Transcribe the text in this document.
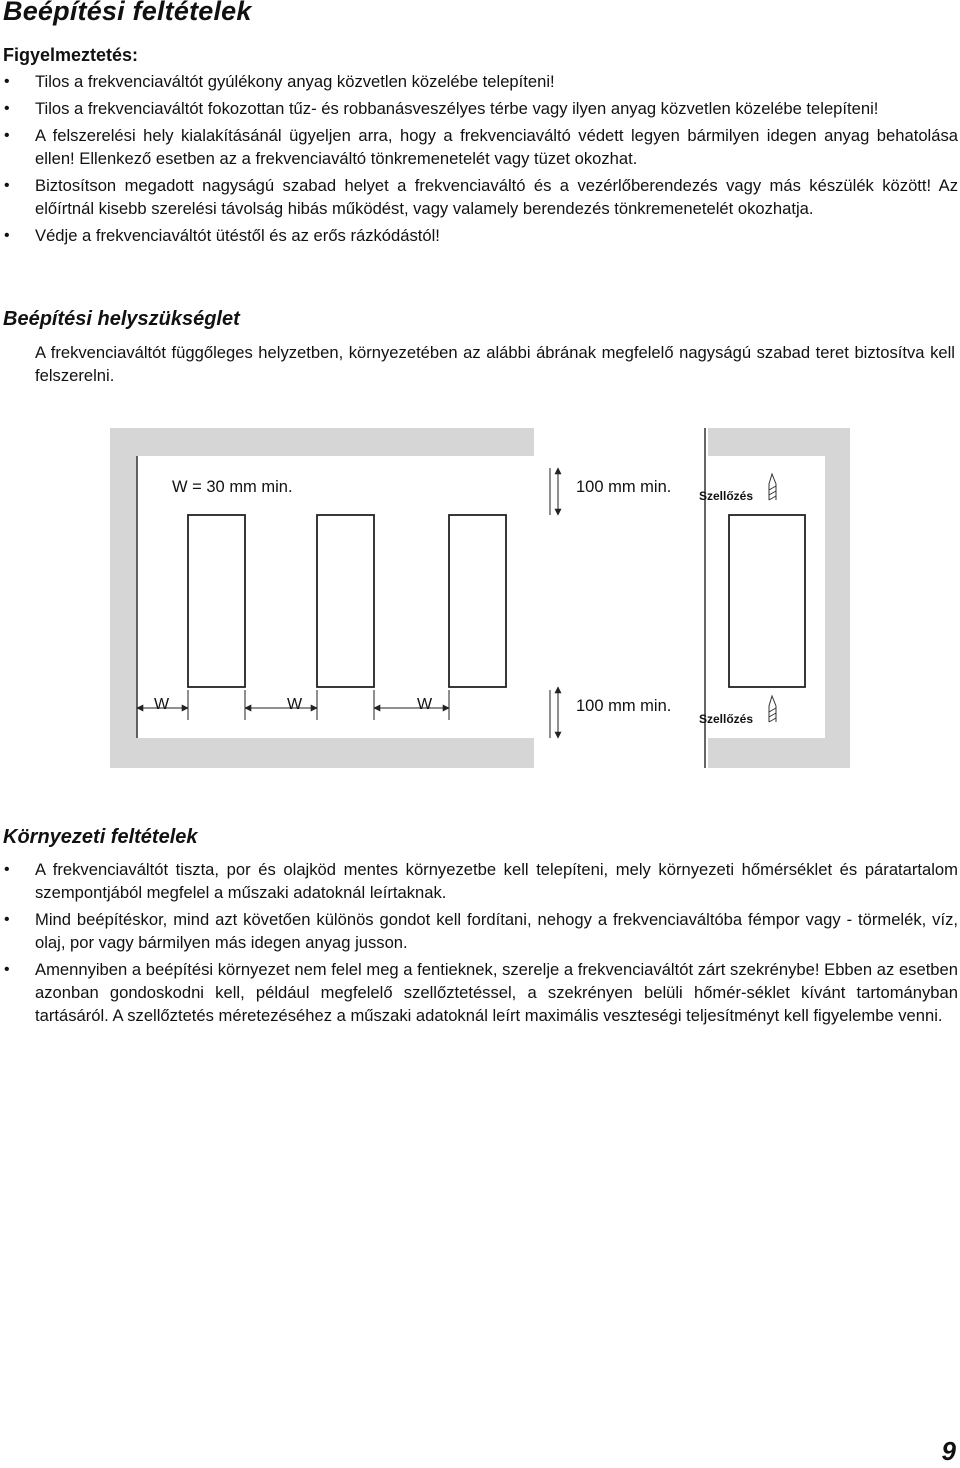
Beépítési feltételek
Figyelmeztetés:
• Tilos a frekvenciaváltót gyúlékony anyag közvetlen közelébe telepíteni!
• Tilos a frekvenciaváltót fokozottan tűz- és robbanásveszélyes térbe vagy ilyen anyag közvetlen közelébe telepíteni!
• A felszerelési hely kialakításánál ügyeljen arra, hogy a frekvenciaváltó védett legyen bármilyen idegen anyag behatolása ellen! Ellenkező esetben az a frekvenciaváltó tönkremenetelét vagy tüzet okozhat.
• Biztosítson megadott nagyságú szabad helyet a frekvenciaváltó és a vezérlőberendezés vagy más készülék között! Az előírtnál kisebb szerelési távolság hibás működést, vagy valamely berendezés tönkremenetelét okozhatja.
• Védje a frekvenciaváltót ütéstől és az erős rázkódástól!
Beépítési helyszükséglet

A frekvenciaváltót függőleges helyzetben, környezetében az alábbi ábrának megfelelő nagyságú szabad teret biztosítva kell felszerelni.

W = 30 mm min.	100 mm min. Szellőzés
W	W	W	100 mm min.
Szellőzés
Környezeti feltételek
• A frekvenciaváltót tiszta, por és olajköd mentes környezetbe kell telepíteni, mely környezeti hőmérséklet és páratartalom szempontjából megfelel a műszaki adatoknál leírtaknak.
• Mind beépítéskor, mind azt követően különös gondot kell fordítani, nehogy a frekvenciaváltóba fémpor vagy - törmelék, víz, olaj, por vagy bármilyen más idegen anyag jusson.
• Amennyiben a beépítési környezet nem felel meg a fentieknek, szerelje a frekvenciaváltót zárt szekrénybe! Ebben az esetben azonban gondoskodni kell, például megfelelő szellőztetéssel, a szekrényen belüli hőmér-séklet kívánt tartományban tartásáról. A szellőztetés méretezéséhez a műszaki adatoknál leírt maximális veszteségi teljesítményt kell figyelembe venni.
9
